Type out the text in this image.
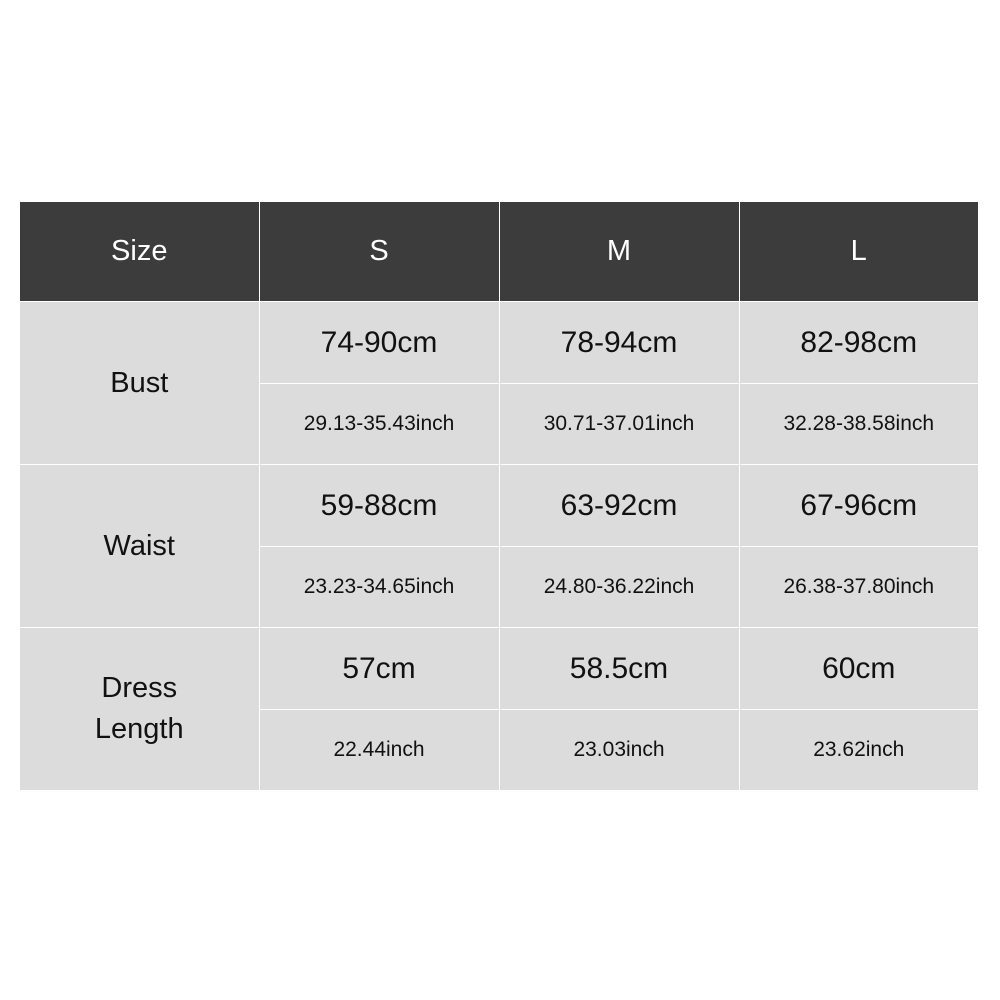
Size	S	M	L

Bust	74-90cm	78-94cm	82-98cm
	29.13-35.43inch	30.71-37.01inch	32.28-38.58inch

Waist	59-88cm	63-92cm	67-96cm
	23.23-34.65inch	24.80-36.22inch	26.38-37.80inch

Dress
Length	57cm	58.5cm	60cm
	22.44inch	23.03inch	23.62inch
